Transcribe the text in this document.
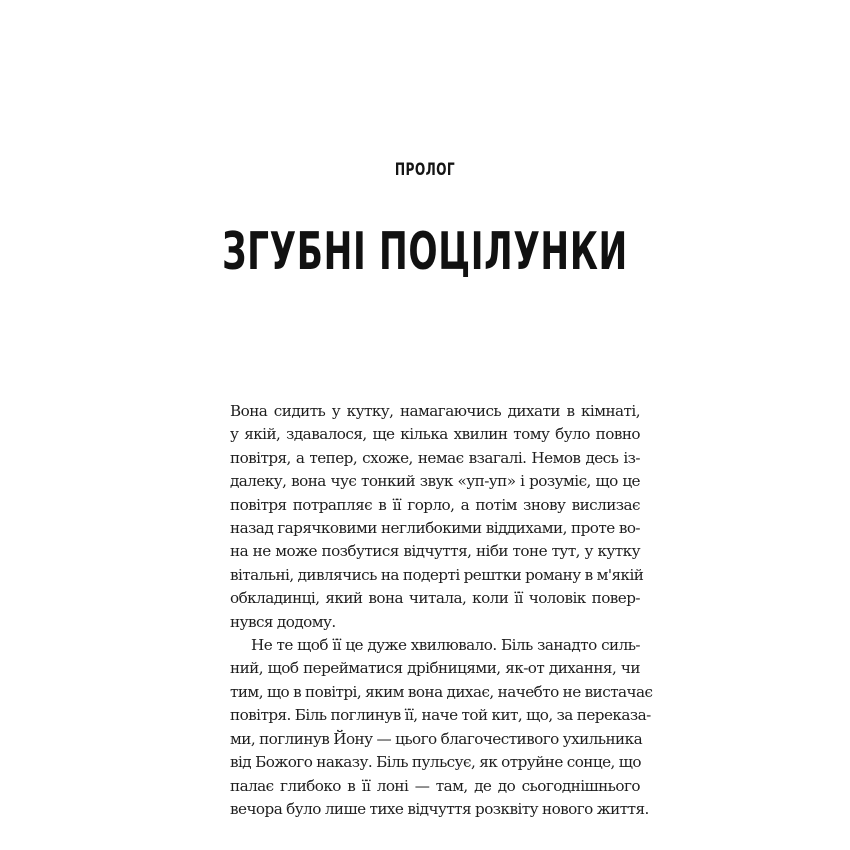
ПРОЛОГ
ЗГУБНІ ПОЦІЛУНКИ
Вона сидить у кутку, намагаючись дихати в кімнаті,
у якій, здавалося, ще кілька хвилин тому було повно
повітря, а тепер, схоже, немає взагалі. Немов десь із-
далеку, вона чує тонкий звук «уп-уп» і розуміє, що це
повітря потрапляє в її горло, а потім знову вислизає
назад гарячковими неглибокими віддихами, проте во-
на не може позбутися відчуття, ніби тоне тут, у кутку
вітальні, дивлячись на подерті рештки роману в м'якій
обкладинці, який вона читала, коли її чоловік повер-
нувся додому.
Не те щоб її це дуже хвилювало. Біль занадто силь-
ний, щоб перейматися дрібницями, як-от дихання, чи
тим, що в повітрі, яким вона дихає, начебто не вистачає
повітря. Біль поглинув її, наче той кит, що, за переказа-
ми, поглинув Йону — цього благочестивого ухильника
від Божого наказу. Біль пульсує, як отруйне сонце, що
палає глибоко в її лоні — там, де до сьогоднішнього
вечора було лише тихе відчуття розквіту нового життя.
